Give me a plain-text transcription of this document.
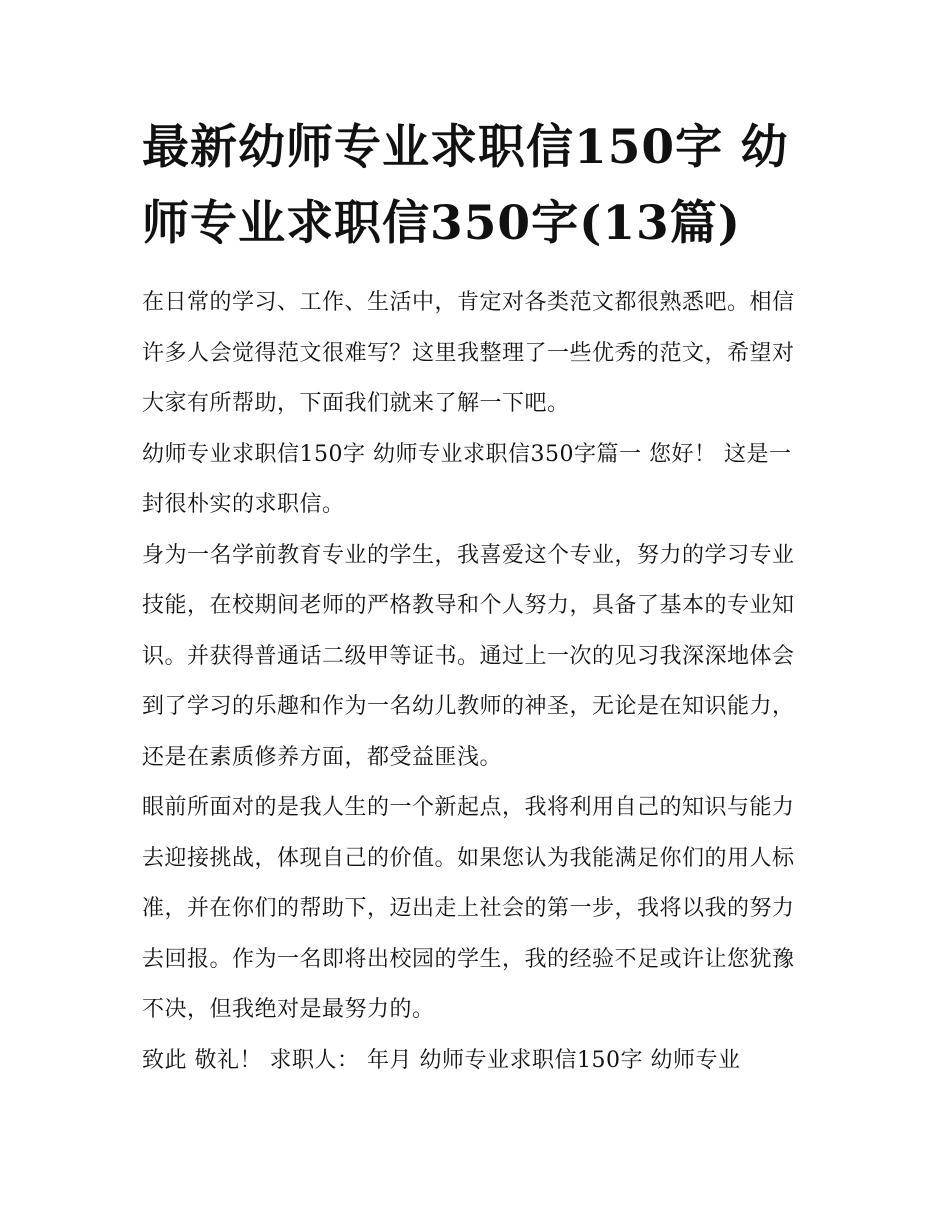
最新幼师专业求职信150字 幼师专业求职信350字(13篇)

在日常的学习、工作、生活中，肯定对各类范文都很熟悉吧。相信许多人会觉得范文很难写？这里我整理了一些优秀的范文，希望对大家有所帮助，下面我们就来了解一下吧。

幼师专业求职信150字 幼师专业求职信350字篇一 您好！ 这是一封很朴实的求职信。

身为一名学前教育专业的学生，我喜爱这个专业，努力的学习专业技能，在校期间老师的严格教导和个人努力，具备了基本的专业知识。并获得普通话二级甲等证书。通过上一次的见习我深深地体会到了学习的乐趣和作为一名幼儿教师的神圣，无论是在知识能力，还是在素质修养方面，都受益匪浅。

眼前所面对的是我人生的一个新起点，我将利用自己的知识与能力去迎接挑战，体现自己的价值。如果您认为我能满足你们的用人标准，并在你们的帮助下，迈出走上社会的第一步，我将以我的努力去回报。作为一名即将出校园的学生，我的经验不足或许让您犹豫不决，但我绝对是最努力的。

致此 敬礼！ 求职人： 年月 幼师专业求职信150字 幼师专业
